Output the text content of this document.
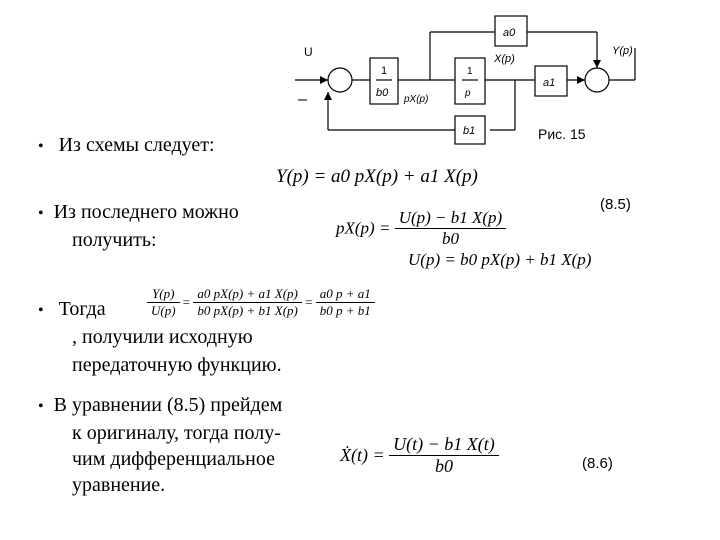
U
–
1
b0
1
p
X(p)
pX(p)
a0
a1
b1
Y(p)
Рис. 15
• Из схемы следует:
Y(p) = a0 pX(p) + a1 X(p)
• Из последнего можно
получить:
$pX(p) = \frac{U(p) - b1 X(p)}{b0}$
(8.5)
U(p) = b0 pX(p) + b1 X(p)
• Тогда	$\frac{Y(p)}{U(p)} = \frac{a0 pX(p) + a1 X(p)}{b0 pX(p) + b1 X(p)} = \frac{a0 p + a1}{b0 p + b1}$
, получили исходную
передаточную функцию.
• В уравнении (8.5) прейдем
к оригиналу, тогда полу-
чим дифференциальное
уравнение.
Ẋ(t) = $\frac{U(t) - b1 X(t)}{b0}$	(8.6)
